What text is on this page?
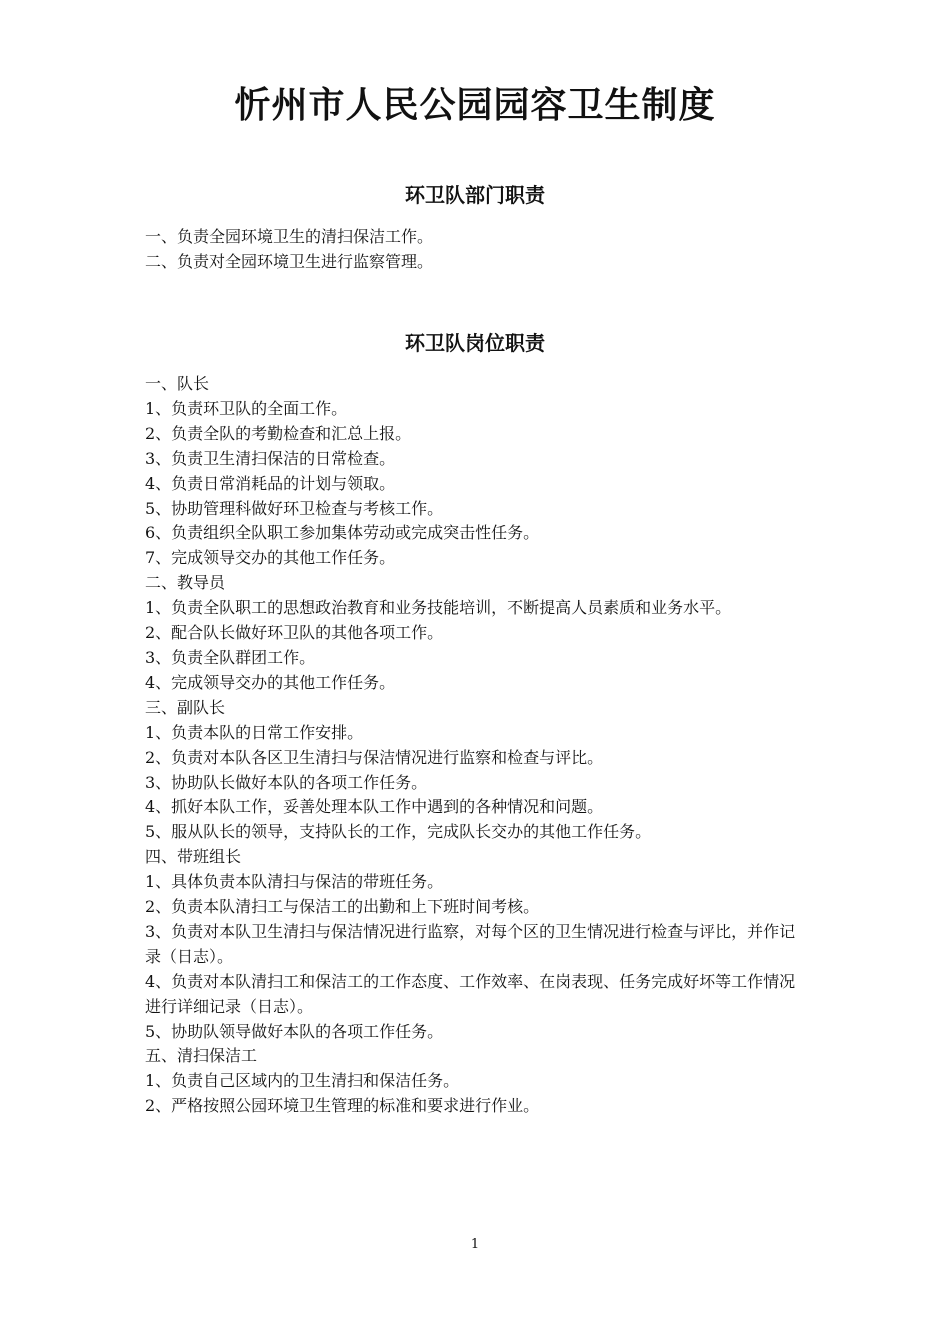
忻州市人民公园园容卫生制度
环卫队部门职责

一、负责全园环境卫生的清扫保洁工作。

二、负责对全园环境卫生进行监察管理。

环卫队岗位职责

一、队长

1、负责环卫队的全面工作。

2、负责全队的考勤检查和汇总上报。

3、负责卫生清扫保洁的日常检查。

4、负责日常消耗品的计划与领取。

5、协助管理科做好环卫检查与考核工作。

6、负责组织全队职工参加集体劳动或完成突击性任务。

7、完成领导交办的其他工作任务。

二、教导员

1、负责全队职工的思想政治教育和业务技能培训，不断提高人员素质和业务水平。

2、配合队长做好环卫队的其他各项工作。

3、负责全队群团工作。

4、完成领导交办的其他工作任务。

三、副队长

1、负责本队的日常工作安排。

2、负责对本队各区卫生清扫与保洁情况进行监察和检查与评比。

3、协助队长做好本队的各项工作任务。

4、抓好本队工作，妥善处理本队工作中遇到的各种情况和问题。

5、服从队长的领导，支持队长的工作，完成队长交办的其他工作任务。

四、带班组长

1、具体负责本队清扫与保洁的带班任务。

2、负责本队清扫工与保洁工的出勤和上下班时间考核。

3、负责对本队卫生清扫与保洁情况进行监察，对每个区的卫生情况进行检查与评比，并作记录（日志）。

4、负责对本队清扫工和保洁工的工作态度、工作效率、在岗表现、任务完成好坏等工作情况进行详细记录（日志）。

5、协助队领导做好本队的各项工作任务。

五、清扫保洁工

1、负责自己区域内的卫生清扫和保洁任务。

2、严格按照公园环境卫生管理的标准和要求进行作业。

1
